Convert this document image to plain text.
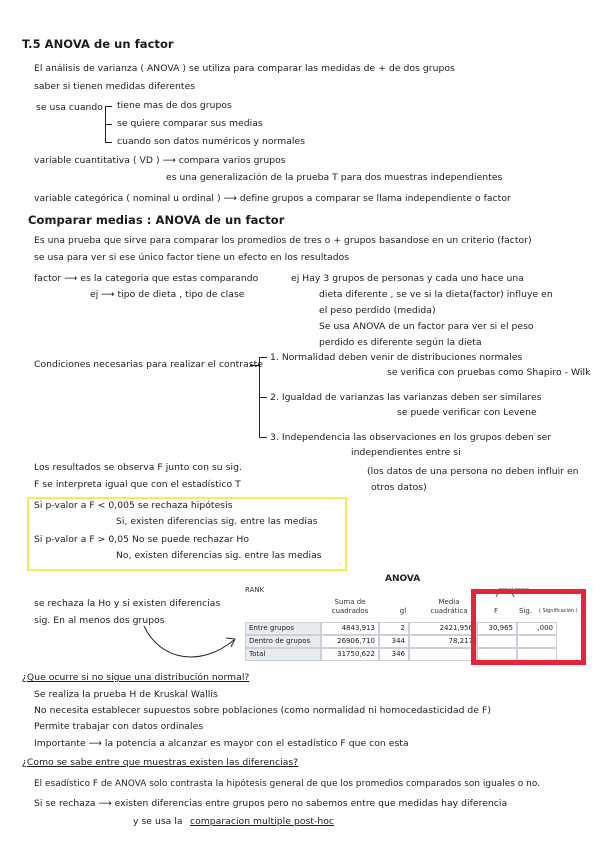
T.5 ANOVA de un factor
El análisis de varianza ( ANOVA ) se utiliza para comparar las medidas de + de dos grupos
saber si tienen medidas diferentes
se usa cuando tiene mas de dos grupos
se quiere comparar sus medias
cuando son datos numéricos y normales
variable cuantitativa ( VD ) ⟶ compara varios grupos
es una generalización de la prueba T para dos muestras independientes
variable categórica ( nominal u ordinal ) ⟶ define grupos a comparar se llama independiente o factor
Comparar medias : ANOVA de un factor
Es una prueba que sirve para comparar los promedios de tres o + grupos basandose en un criterio (factor)
se usa para ver si ese único factor tiene un efecto en los resultados
factor ⟶ es la categoria que estas comparando
ej ⟶ tipo de dieta , tipo de clase
ej Hay 3 grupos de personas y cada uno hace una
dieta diferente , se ve si la dieta(factor) influye en
el peso perdido (medida)
Se usa ANOVA de un factor para ver si el peso
perdido es diferente según la dieta
Condiciones necesarias para realizar el contraste
1. Normalidad deben venir de distribuciones normales
se verifica con pruebas como Shapiro - Wilk
2. Igualdad de varianzas las varianzas deben ser similares
se puede verificar con Levene
3. Independencia las observaciones en los grupos deben ser
independientes entre si
(los datos de una persona no deben influir en
otros datos)
Los resultados se observa F junto con su sig.
F se interpreta igual que con el estadístico T
Si p-valor a F < 0,005 se rechaza hipótesis
Si, existen diferencias sig. entre las medias
Si p-valor a F > 0,05 No se puede rechazar Ho
No, existen diferencias sig. entre las medias
se rechaza la Ho y si existen diferencias
sig. En al menos dos grupos
ANOVA
RANK
Suma de cuadrados	gl
Media cuadrática	F	Sig. ( Significación )
por si acaso
Entre grupos	4843,913	2	2421,956	30,965	,000
Dentro de grupos	26906,710	344	78,217
Total	31750,622	346
¿Que ocurre si no sigue una distribución normal?
Se realiza la prueba H de Kruskal Wallis
No necesita establecer supuestos sobre poblaciones (como normalidad ni homocedasticidad de F)
Permite trabajar con datos ordinales
Importante ⟶ la potencia a alcanzar es mayor con el estadístico F que con esta
¿Como se sabe entre que muestras existen las diferencias?
El esadístico F de ANOVA solo contrasta la hipótesis general de que los promedios comparados son iguales o no.
Si se rechaza ⟶ existen diferencias entre grupos pero no sabemos entre que medidas hay diferencia
y se usa la comparacion multiple post-hoc
